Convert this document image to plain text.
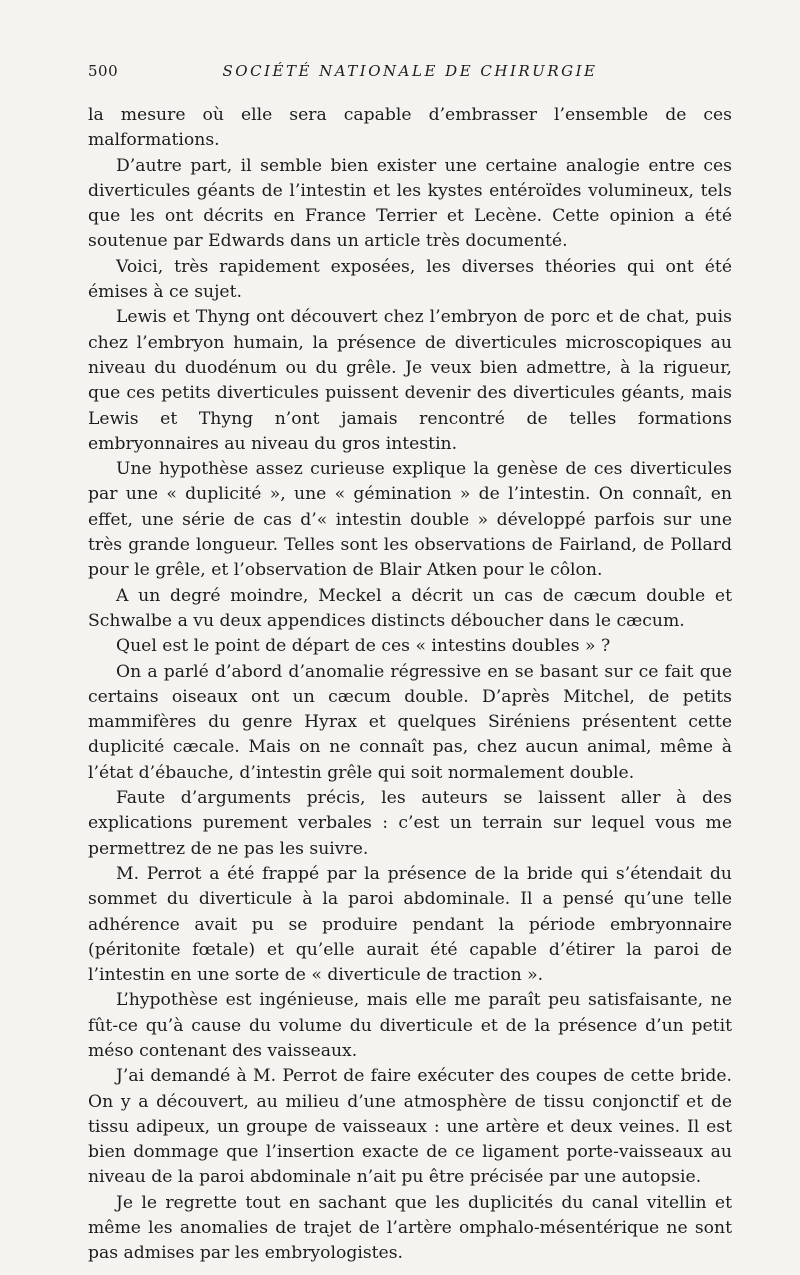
500	SOCIÉTÉ NATIONALE DE CHIRURGIE

la mesure où elle sera capable d’embrasser l’ensemble de ces malformations.

D’autre part, il semble bien exister une certaine analogie entre ces diverticules géants de l’intestin et les kystes entéroïdes volumineux, tels que les ont décrits en France Terrier et Lecène. Cette opinion a été soutenue par Edwards dans un article très documenté.

Voici, très rapidement exposées, les diverses théories qui ont été émises à ce sujet.

Lewis et Thyng ont découvert chez l’embryon de porc et de chat, puis chez l’embryon humain, la présence de diverticules microscopiques au niveau du duodénum ou du grêle. Je veux bien admettre, à la rigueur, que ces petits diverticules puissent devenir des diverticules géants, mais Lewis et Thyng n’ont jamais rencontré de telles formations embryonnaires au niveau du gros intestin.

Une hypothèse assez curieuse explique la genèse de ces diverticules par une « duplicité », une « gémination » de l’intestin. On connaît, en effet, une série de cas d’« intestin double » développé parfois sur une très grande longueur. Telles sont les observations de Fairland, de Pollard pour le grêle, et l’observation de Blair Atken pour le côlon.

A un degré moindre, Meckel a décrit un cas de cæcum double et Schwalbe a vu deux appendices distincts déboucher dans le cæcum.

Quel est le point de départ de ces « intestins doubles » ?

On a parlé d’abord d’anomalie régressive en se basant sur ce fait que certains oiseaux ont un cæcum double. D’après Mitchel, de petits mammifères du genre Hyrax et quelques Siréniens présentent cette duplicité cæcale. Mais on ne connaît pas, chez aucun animal, même à l’état d’ébauche, d’intestin grêle qui soit normalement double.

Faute d’arguments précis, les auteurs se laissent aller à des explications purement verbales : c’est un terrain sur lequel vous me permettrez de ne pas les suivre.

M. Perrot a été frappé par la présence de la bride qui s’étendait du sommet du diverticule à la paroi abdominale. Il a pensé qu’une telle adhérence avait pu se produire pendant la période embryonnaire (péritonite fœtale) et qu’elle aurait été capable d’étirer la paroi de l’intestin en une sorte de « diverticule de traction ».

L’hypothèse est ingénieuse, mais elle me paraît peu satisfaisante, ne fût-ce qu’à cause du volume du diverticule et de la présence d’un petit méso contenant des vaisseaux.

J’ai demandé à M. Perrot de faire exécuter des coupes de cette bride. On y a découvert, au milieu d’une atmosphère de tissu conjonctif et de tissu adipeux, un groupe de vaisseaux : une artère et deux veines. Il est bien dommage que l’insertion exacte de ce ligament porte-vaisseaux au niveau de la paroi abdominale n’ait pu être précisée par une autopsie.

Je le regrette tout en sachant que les duplicités du canal vitellin et même les anomalies de trajet de l’artère omphalo-mésentérique ne sont pas admises par les embryologistes.
